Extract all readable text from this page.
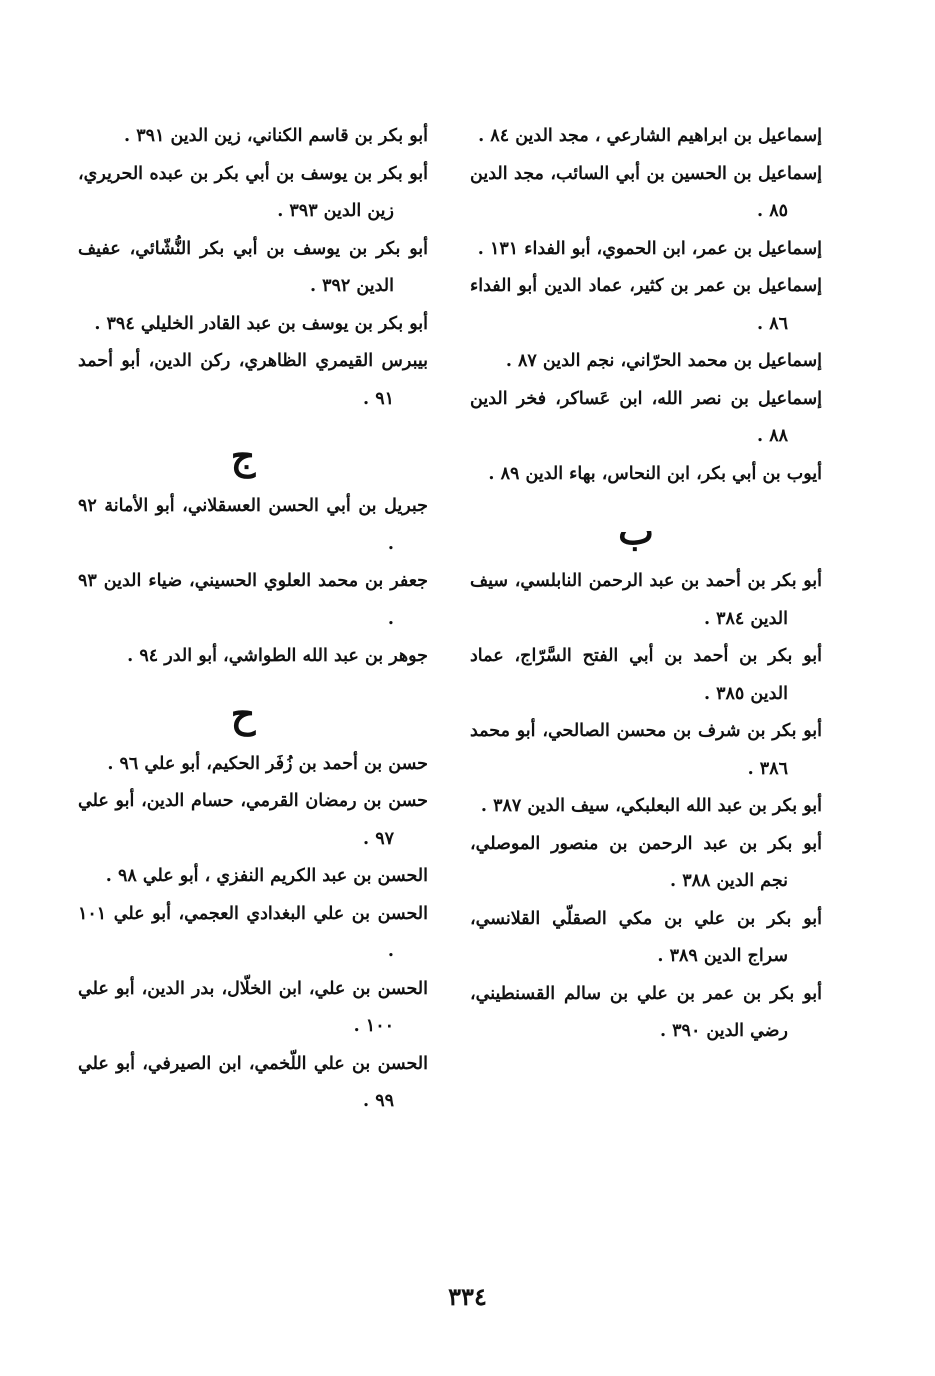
إسماعيل بن ابراهيم الشارعي ، مجد الدين ٨٤ .

إسماعيل بن الحسين بن أبي السائب، مجد الدين ٨٥ .

إسماعيل بن عمر، ابن الحموي، أبو الفداء ١٣١ .

إسماعيل بن عمر بن كثير، عماد الدين أبو الفداء ٨٦ .

إسماعيل بن محمد الحرّاني، نجم الدين ٨٧ .

إسماعيل بن نصر الله، ابن عَساكر، فخر الدين ٨٨ .

أيوب بن أبي بكر، ابن النحاس، بهاء الدين ٨٩ .

ب

أبو بكر بن أحمد بن عبد الرحمن النابلسي، سيف الدين ٣٨٤ .

أبو بكر بن أحمد بن أبي الفتح السَّرّاج، عماد الدين ٣٨٥ .

أبو بكر بن شرف بن محسن الصالحي، أبو محمد ٣٨٦ .

أبو بكر بن عبد الله البعلبكي، سيف الدين ٣٨٧ .

أبو بكر بن عبد الرحمن بن منصور الموصلي، نجم الدين ٣٨٨ .

أبو بكر بن علي بن مكي الصقلّي القلانسي، سراج الدين ٣٨٩ .

أبو بكر بن عمر بن علي بن سالم القسنطيني، رضي الدين ٣٩٠ .

أبو بكر بن قاسم الكناني، زين الدين ٣٩١ .

أبو بكر بن يوسف بن أبي بكر بن عبده الحريري، زين الدين ٣٩٣ .

أبو بكر بن يوسف بن أبي بكر النُّشّائي، عفيف الدين ٣٩٢ .

أبو بكر بن يوسف بن عبد القادر الخليلي ٣٩٤ .

بيبرس القيمري الظاهري، ركن الدين، أبو أحمد ٩١ .

ج

جبريل بن أبي الحسن العسقلاني، أبو الأمانة ٩٢ .

جعفر بن محمد العلوي الحسيني، ضياء الدين ٩٣ .

جوهر بن عبد الله الطواشي، أبو الدر ٩٤ .

ح

حسن بن أحمد بن زُفَر الحكيم، أبو علي ٩٦ .

حسن بن رمضان القرمي، حسام الدين، أبو علي ٩٧ .

الحسن بن عبد الكريم النفزي ، أبو علي ٩٨ .

الحسن بن علي البغدادي العجمي، أبو علي ١٠١ .

الحسن بن علي، ابن الخلّال، بدر الدين، أبو علي ١٠٠ .

الحسن بن علي اللّخمي، ابن الصيرفي، أبو علي ٩٩ .

٣٣٤
